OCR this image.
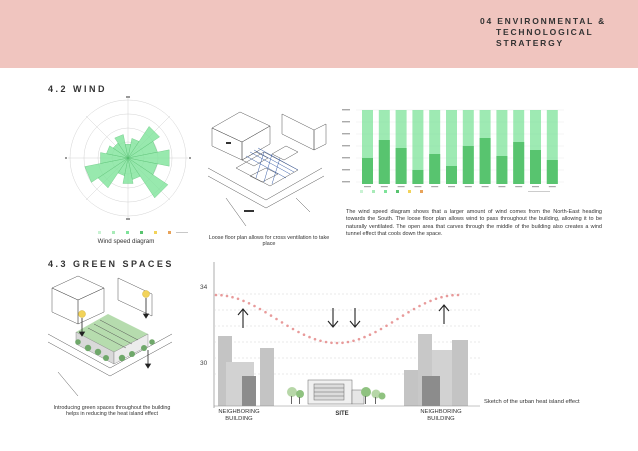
04 ENVIRONMENTAL &
TECHNOLOGICAL
STRATERGY
4.2 WIND
Wind speed diagram	Loose floor plan allows for cross ventilation to take place
The wind speed diagram shows that a larger amount of wind comes from the North-East heading towards the South. The loose floor plan allows wind to pass throughout the building, allowing it to be naturally ventilated. The open area that carves through the middle of the building also creates a wind tunnel effect that cools down the space.
4.3 GREEN SPACES
Introducing green spaces throughout the building helps in reducing the heat island effect
34
30
NEIGHBORING BUILDING
SITE	NEIGHBORING BUILDING
Sketch of the urban heat island effect
